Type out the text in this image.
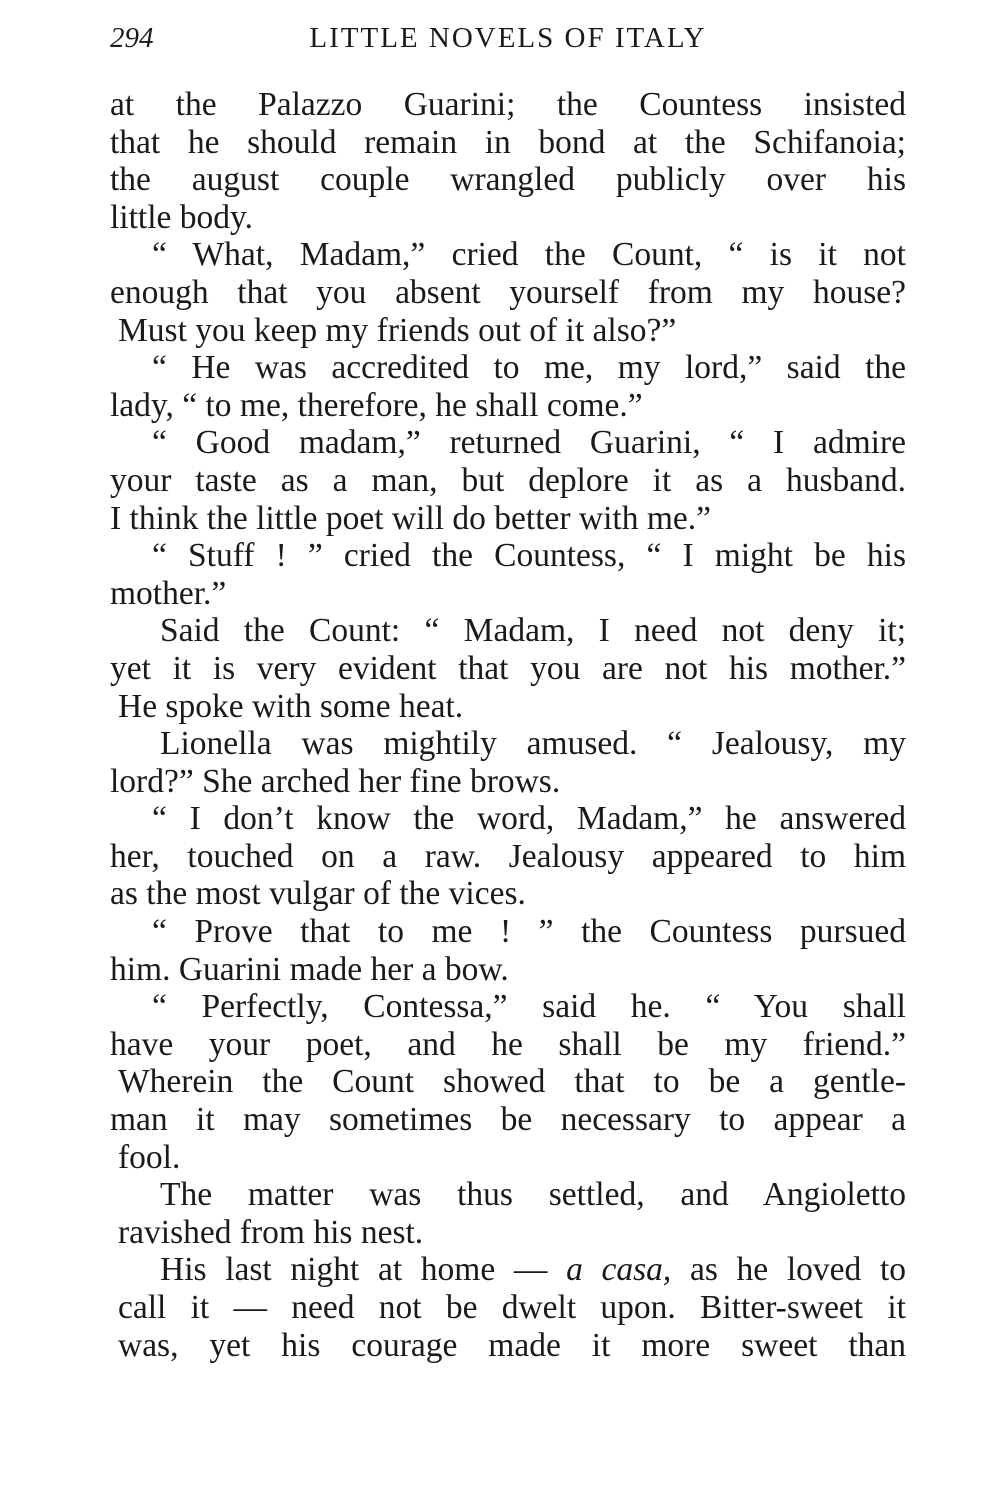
294	LITTLE NOVELS OF ITALY
at the Palazzo Guarini; the Countess insisted
that he should remain in bond at the Schifanoia;
the august couple wrangled publicly over his
little body.
“ What, Madam,” cried the Count, “ is it not
enough that you absent yourself from my house?
Must you keep my friends out of it also?”
“ He was accredited to me, my lord,” said the
lady, “ to me, therefore, he shall come.”
“ Good madam,” returned Guarini, “ I admire
your taste as a man, but deplore it as a husband.
I think the little poet will do better with me.”
“ Stuff ! ” cried the Countess, “ I might be his
mother.”
Said the Count: “ Madam, I need not deny it;
yet it is very evident that you are not his mother.”
He spoke with some heat.
Lionella was mightily amused. “ Jealousy, my
lord?” She arched her fine brows.
“ I don’t know the word, Madam,” he answered
her, touched on a raw. Jealousy appeared to him
as the most vulgar of the vices.
“ Prove that to me ! ” the Countess pursued
him. Guarini made her a bow.
“ Perfectly, Contessa,” said he. “ You shall
have your poet, and he shall be my friend.”
Wherein the Count showed that to be a gentle-
man it may sometimes be necessary to appear a
fool.
The matter was thus settled, and Angioletto
ravished from his nest.
His last night at home — a casa, as he loved to
call it — need not be dwelt upon. Bitter-sweet it
was, yet his courage made it more sweet than
